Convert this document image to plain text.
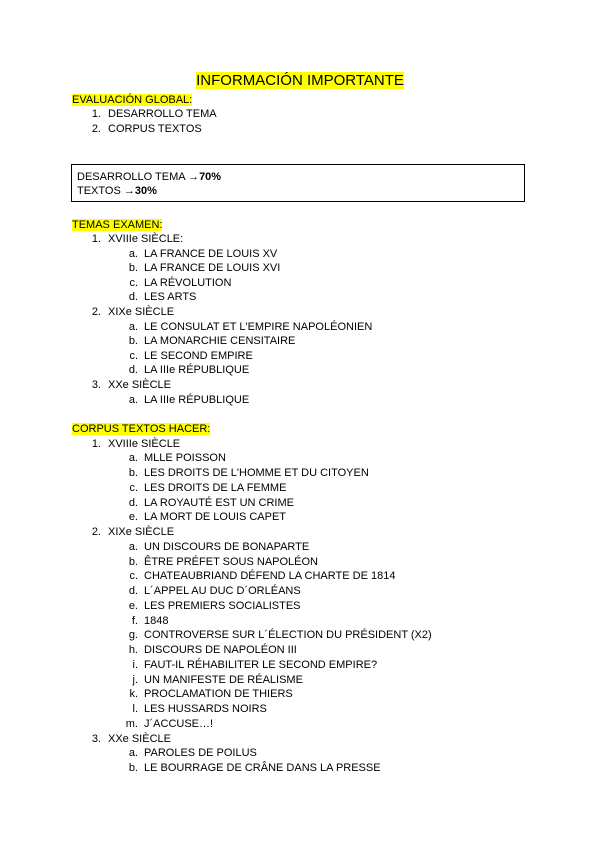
INFORMACIÓN IMPORTANTE
EVALUACIÓN GLOBAL:
1. DESARROLLO TEMA
2. CORPUS TEXTOS
DESARROLLO TEMA →70%
TEXTOS →30%
TEMAS EXAMEN:
1. XVIIIe SIÈCLE:
a. LA FRANCE DE LOUIS XV
b. LA FRANCE DE LOUIS XVI
c. LA RÉVOLUTION
d. LES ARTS
2. XIXe SIÈCLE
a. LE CONSULAT ET L'EMPIRE NAPOLÉONIEN
b. LA MONARCHIE CENSITAIRE
c. LE SECOND EMPIRE
d. LA IIIe RÉPUBLIQUE
3. XXe SIÈCLE
a. LA IIIe RÉPUBLIQUE
CORPUS TEXTOS HACER:
1. XVIIIe SIÈCLE
a. MLLE POISSON
b. LES DROITS DE L'HOMME ET DU CITOYEN
c. LES DROITS DE LA FEMME
d. LA ROYAUTÉ EST UN CRIME
e. LA MORT DE LOUIS CAPET
2. XIXe SIÈCLE
a. UN DISCOURS DE BONAPARTE
b. ÊTRE PRÉFET SOUS NAPOLÉON
c. CHATEAUBRIAND DÉFEND LA CHARTE DE 1814
d. L´APPEL AU DUC D´ORLÉANS
e. LES PREMIERS SOCIALISTES
f. 1848
g. CONTROVERSE SUR L´ÉLECTION DU PRÉSIDENT (X2)
h. DISCOURS DE NAPOLÉON III
i. FAUT-IL RÉHABILITER LE SECOND EMPIRE?
j. UN MANIFESTE DE RÉALISME
k. PROCLAMATION DE THIERS
l. LES HUSSARDS NOIRS
m. J´ACCUSE…!
3. XXe SIÈCLE
a. PAROLES DE POILUS
b. LE BOURRAGE DE CRÂNE DANS LA PRESSE
